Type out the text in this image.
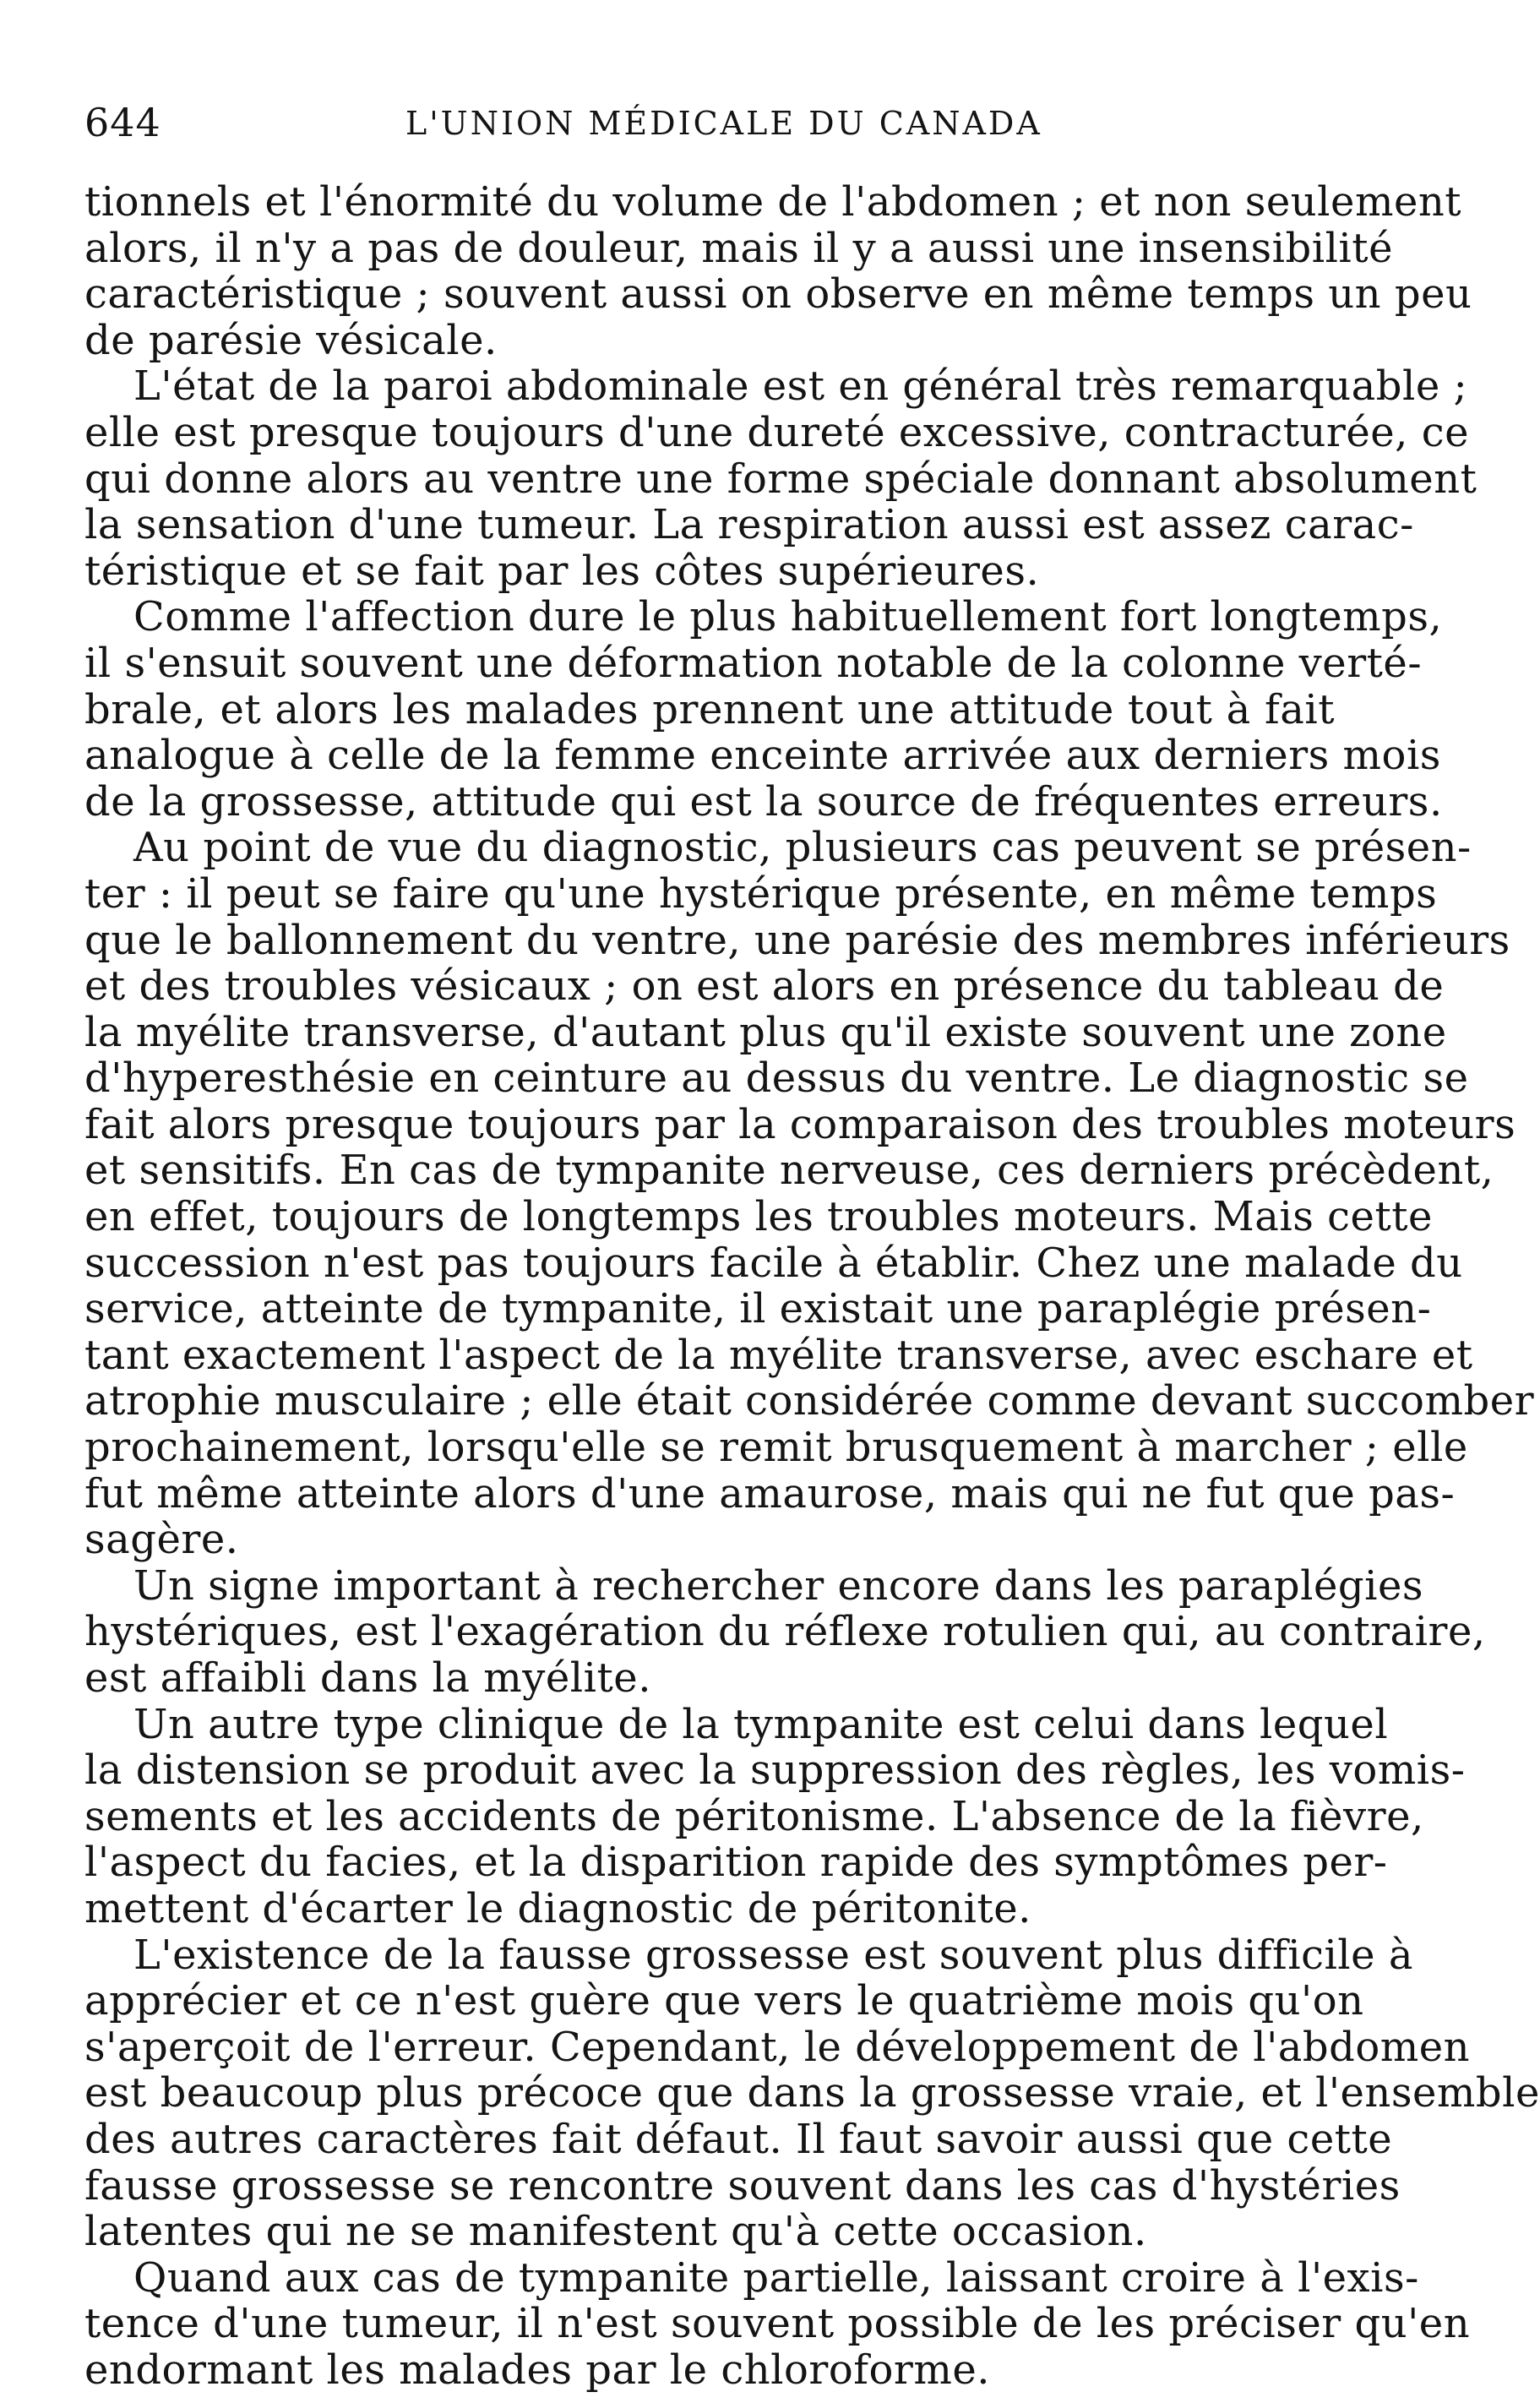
644	L'UNION MÉDICALE DU CANADA
tionnels et l'énormité du volume de l'abdomen ; et non seulement
alors, il n'y a pas de douleur, mais il y a aussi une insensibilité
caractéristique ; souvent aussi on observe en même temps un peu
de parésie vésicale.
L'état de la paroi abdominale est en général très remarquable ;
elle est presque toujours d'une dureté excessive, contracturée, ce
qui donne alors au ventre une forme spéciale donnant absolument
la sensation d'une tumeur. La respiration aussi est assez carac-
téristique et se fait par les côtes supérieures.
Comme l'affection dure le plus habituellement fort longtemps,
il s'ensuit souvent une déformation notable de la colonne verté-
brale, et alors les malades prennent une attitude tout à fait
analogue à celle de la femme enceinte arrivée aux derniers mois
de la grossesse, attitude qui est la source de fréquentes erreurs.
Au point de vue du diagnostic, plusieurs cas peuvent se présen-
ter : il peut se faire qu'une hystérique présente, en même temps
que le ballonnement du ventre, une parésie des membres inférieurs
et des troubles vésicaux ; on est alors en présence du tableau de
la myélite transverse, d'autant plus qu'il existe souvent une zone
d'hyperesthésie en ceinture au dessus du ventre. Le diagnostic se
fait alors presque toujours par la comparaison des troubles moteurs
et sensitifs. En cas de tympanite nerveuse, ces derniers précèdent,
en effet, toujours de longtemps les troubles moteurs. Mais cette
succession n'est pas toujours facile à établir. Chez une malade du
service, atteinte de tympanite, il existait une paraplégie présen-
tant exactement l'aspect de la myélite transverse, avec eschare et
atrophie musculaire ; elle était considérée comme devant succomber
prochainement, lorsqu'elle se remit brusquement à marcher ; elle
fut même atteinte alors d'une amaurose, mais qui ne fut que pas-
sagère.
Un signe important à rechercher encore dans les paraplégies
hystériques, est l'exagération du réflexe rotulien qui, au contraire,
est affaibli dans la myélite.
Un autre type clinique de la tympanite est celui dans lequel
la distension se produit avec la suppression des règles, les vomis-
sements et les accidents de péritonisme. L'absence de la fièvre,
l'aspect du facies, et la disparition rapide des symptômes per-
mettent d'écarter le diagnostic de péritonite.
L'existence de la fausse grossesse est souvent plus difficile à
apprécier et ce n'est guère que vers le quatrième mois qu'on
s'aperçoit de l'erreur. Cependant, le développement de l'abdomen
est beaucoup plus précoce que dans la grossesse vraie, et l'ensemble
des autres caractères fait défaut. Il faut savoir aussi que cette
fausse grossesse se rencontre souvent dans les cas d'hystéries
latentes qui ne se manifestent qu'à cette occasion.
Quand aux cas de tympanite partielle, laissant croire à l'exis-
tence d'une tumeur, il n'est souvent possible de les préciser qu'en
endormant les malades par le chloroforme.
